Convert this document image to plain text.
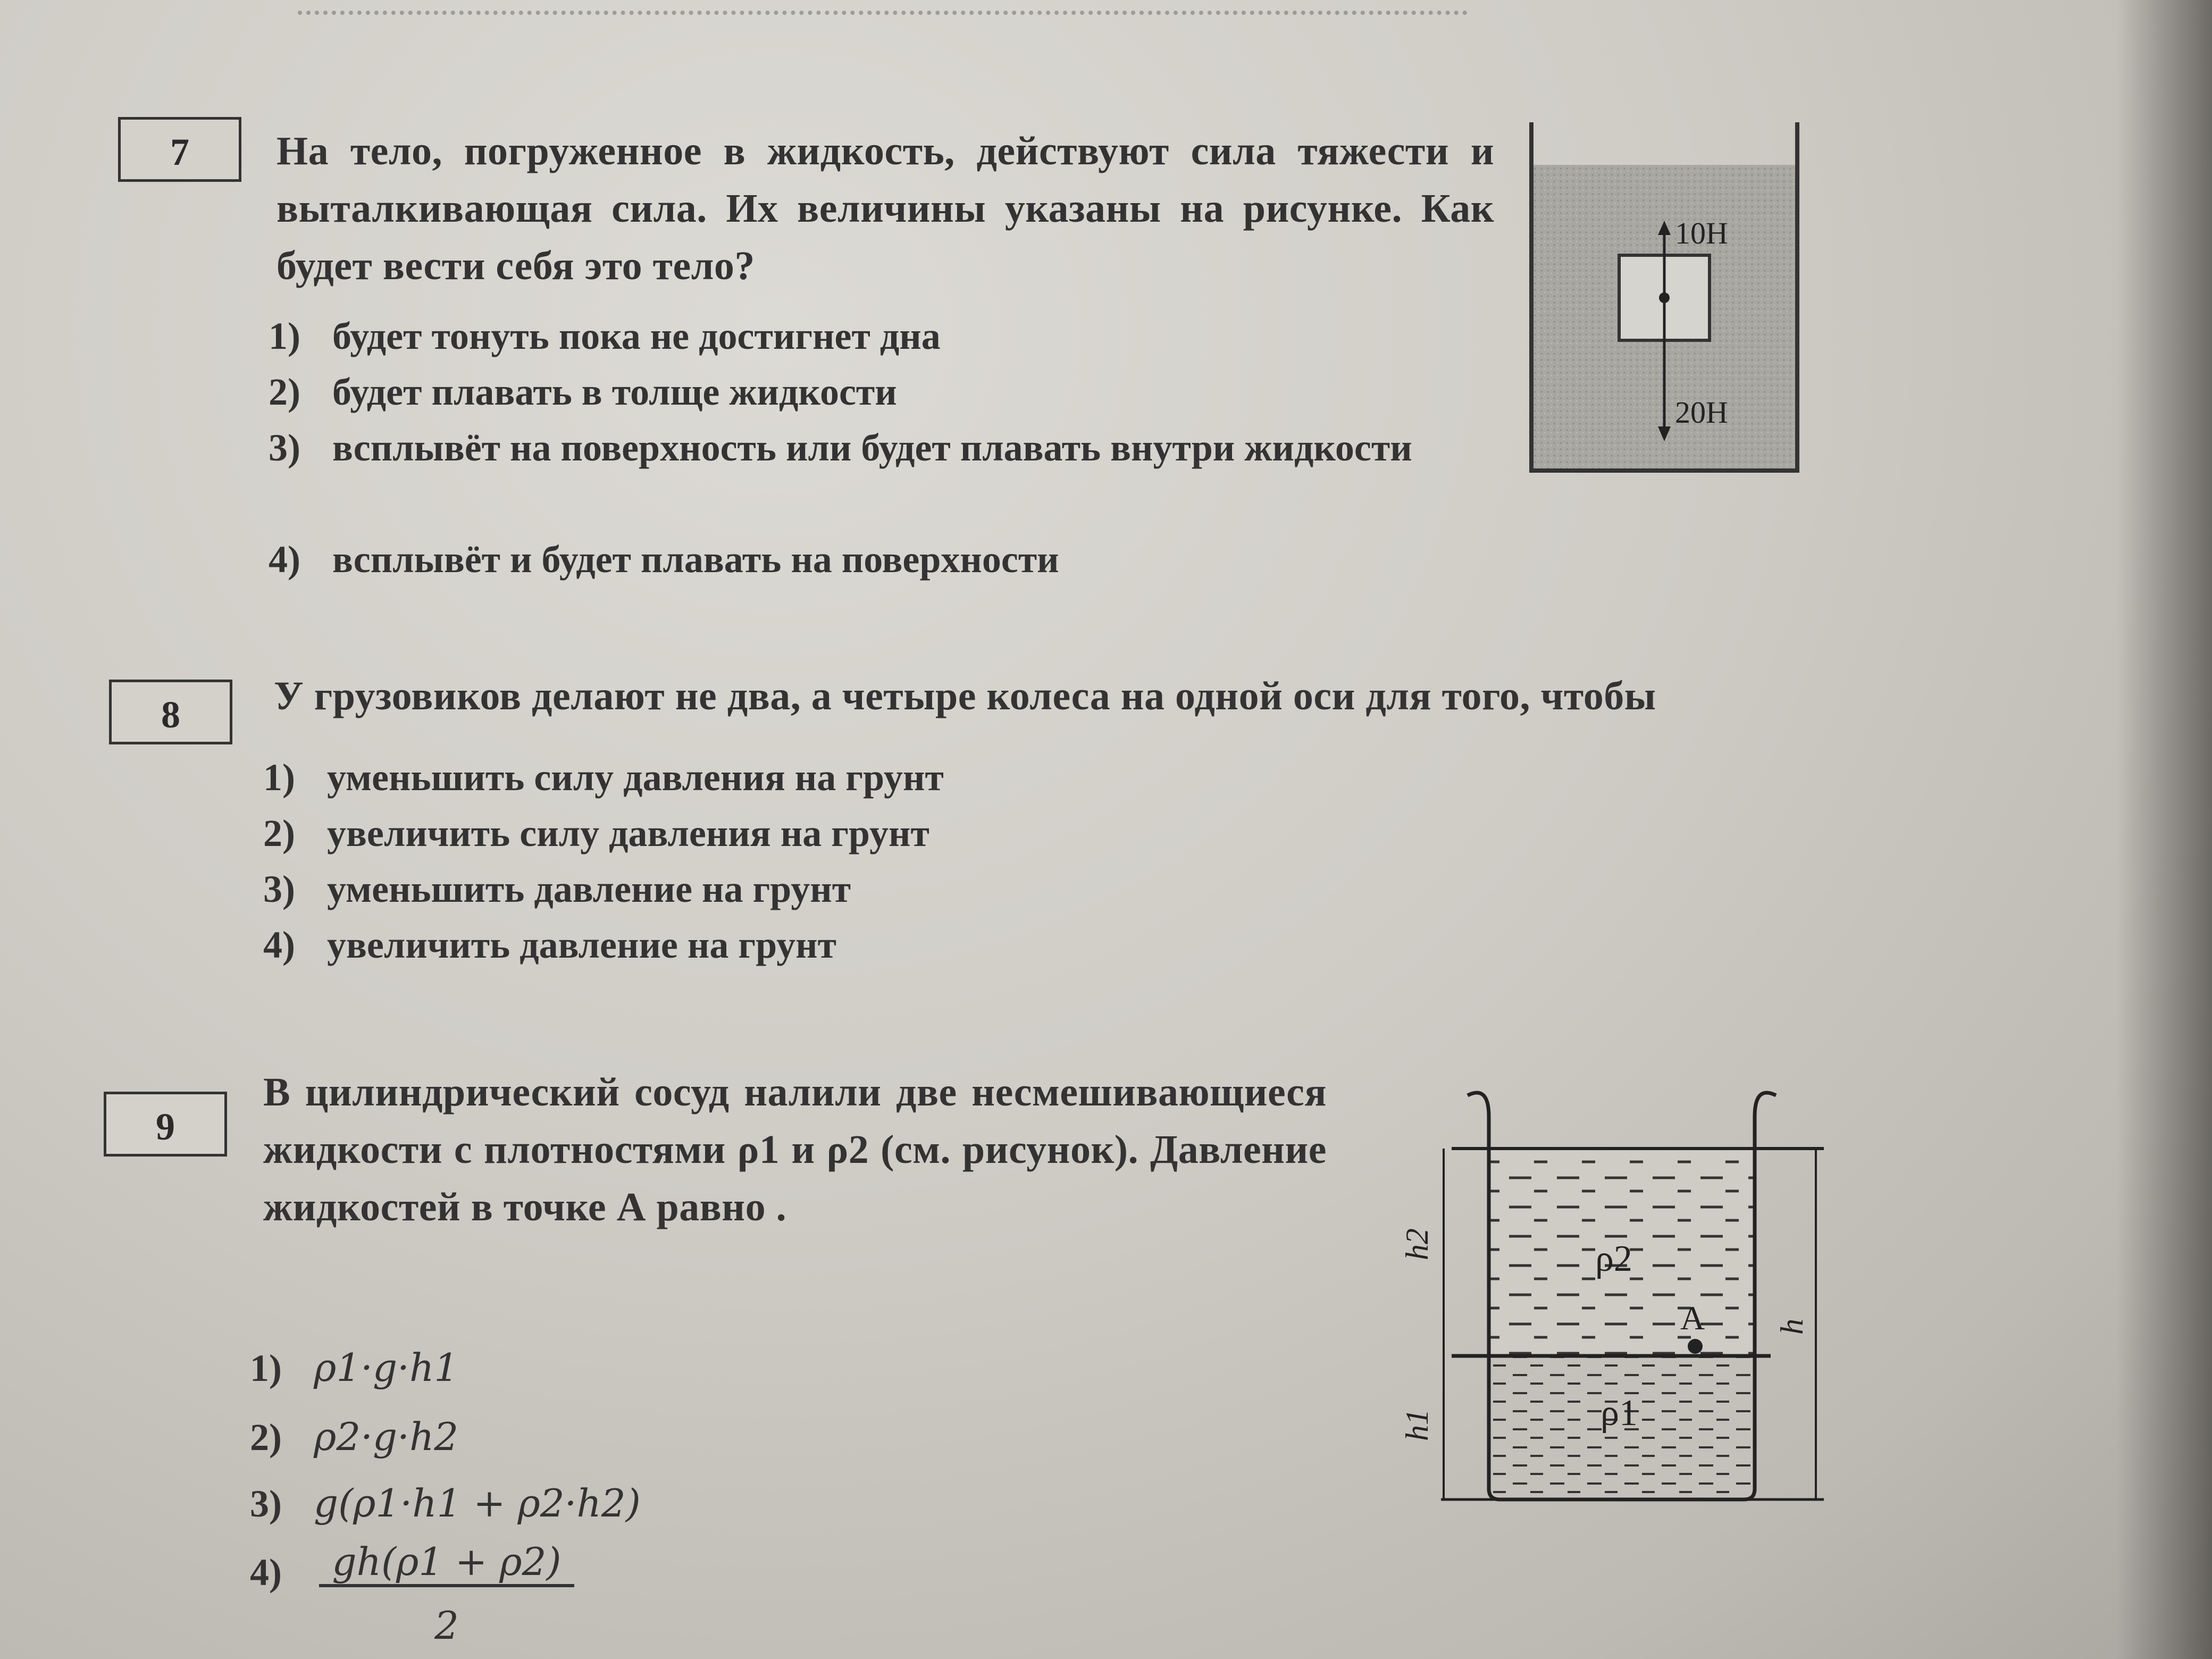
7	На тело, погруженное в жидкость, действуют сила тяжести и выталкивающая сила. Их величины указаны на рисунке. Как будет вести себя это тело?
1) будет тонуть пока не достигнет дна
2) будет плавать в толще жидкости
3) всплывёт на поверхность или будет плавать внутри жидкости
4) всплывёт и будет плавать на поверхности
10Н
20Н
8	У грузовиков делают не два, а четыре колеса на одной оси для того, чтобы
1) уменьшить силу давления на грунт
2) увеличить силу давления на грунт
3) уменьшить давление на грунт
4) увеличить давление на грунт
9
В цилиндрический сосуд налили две несмешивающиеся жидкости с плотностями ρ1 и ρ2 (см. рисунок). Давление жидкостей в точке А равно .
1) ρ1·g·h1
2) ρ2·g·h2
3) g(ρ1·h1 + ρ2·h2)
$4) \frac{gh(\rho 1 + \rho 2)}{2}$
h2
h1
h
ρ2
ρ1
A
